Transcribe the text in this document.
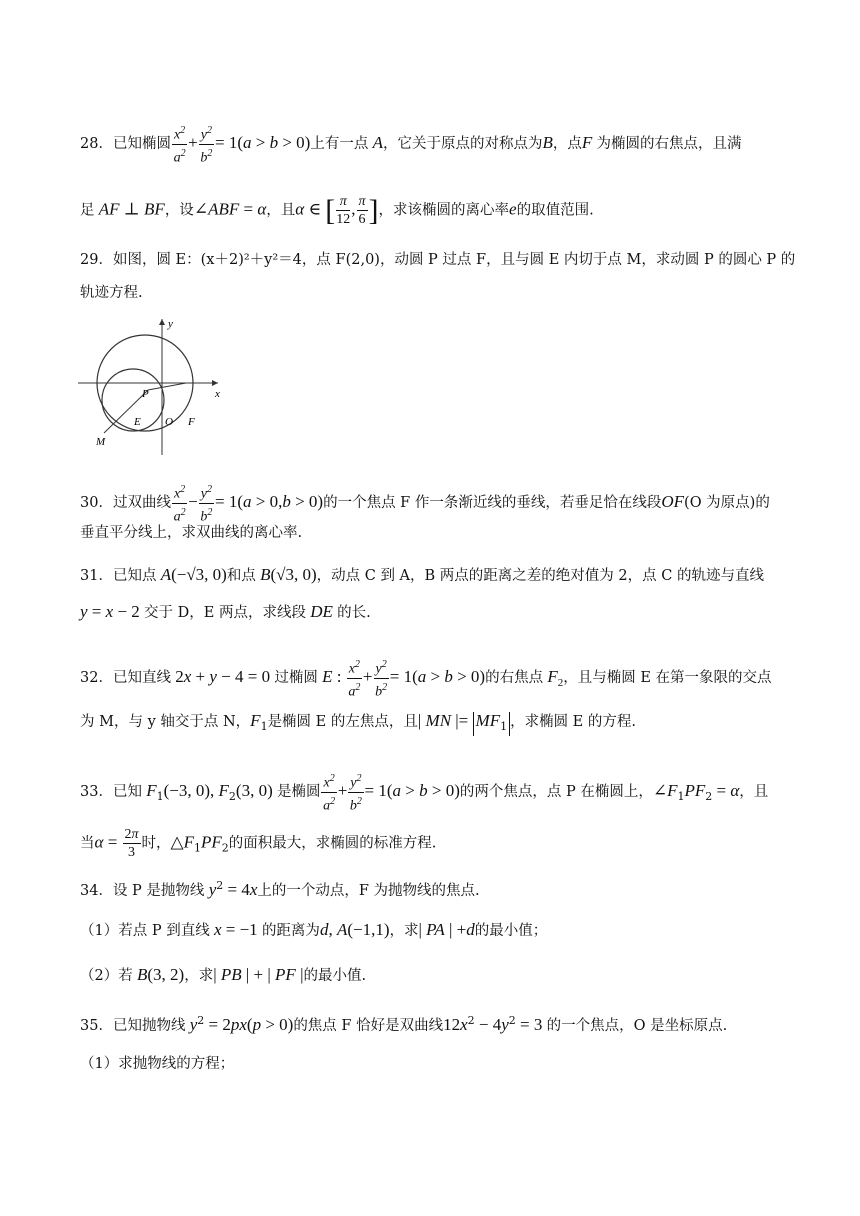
28．已知椭圆 $\frac{x^2}{a^2} + \frac{y^2}{b^2} = 1(a > b > 0)$上有一点 A，它关于原点的对称点为B，点F 为椭圆的右焦点，且满
足 AF ⊥ BF，设∠ABF = α，且α ∈ [ $\frac{\pi}{12}$ , $\frac{\pi}{6}$ ]，求该椭圆的离心率e的取值范围.
29．如图，圆 E：(x＋2)²＋y²＝4，点 F(2,0)，动圆 P 过点 F，且与圆 E 内切于点 M，求动圆 P 的圆心 P 的
轨迹方程.
y
x
P
E O F
M
30．过双曲线 $\frac{x^2}{a^2} - \frac{y^2}{b^2} = 1(a > 0,b > 0)$的一个焦点 F 作一条渐近线的垂线，若垂足恰在线段OF(O 为原点)的
垂直平分线上，求双曲线的离心率.
31．已知点 A(−√3, 0)和点 B(√3, 0)，动点 C 到 A，B 两点的距离之差的绝对值为 2，点 C 的轨迹与直线
y = x − 2 交于 D，E 两点，求线段 DE 的长.
32．已知直线 2x + y − 4 = 0 过椭圆 E : $\frac{x^2}{a^2} + \frac{y^2}{b^2} = 1(a > b > 0)$的右焦点 $F_2$，且与椭圆 E 在第一象限的交点
为 M，与 y 轴交于点 N，$F_1$是椭圆 E 的左焦点，且| MN |= $MF_1$ ，求椭圆 E 的方程.
33．已知 $F_1(-3$, 0), $F_2(3$, 0) 是椭圆 $\frac{x^2}{a^2} + \frac{y^2}{b^2} = 1(a > b > 0)$的两个焦点，点 P 在椭圆上，$\angle F_1PF_2 = \alpha$，且
当$\alpha = \frac{2\pi}{3}$ 时，$\triangle F_1PF_2$的面积最大，求椭圆的标准方程.
34．设 P 是抛物线 $y^2 = 4x$上的一个动点，F 为抛物线的焦点.
（1）若点 P 到直线 x = −1 的距离为d, A(−1,1)，求| PA | +d的最小值；
（2）若 B(3, 2)，求| PB | + | PF |的最小值.
35．已知抛物线 $y^2 = 2px(p > 0)$的焦点 F 恰好是双曲线$12x^2 - 4y^2 = 3$ 的一个焦点，O 是坐标原点.
（1）求抛物线的方程；
